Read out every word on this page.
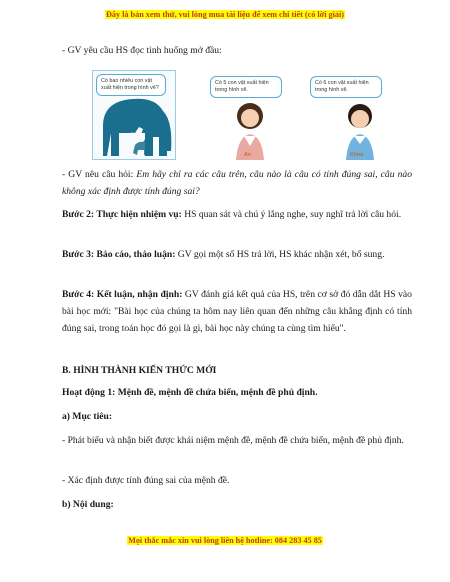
Đây là bản xem thử, vui lòng mua tài liệu để xem chi tiết (có lời giải)
- GV yêu cầu HS đọc tình huống mở đầu:
Có bao nhiêu con vật xuất hiện trong hình vẽ?
Có 5 con vật xuất hiện trong hình vẽ.
An
Có 6 con vật xuất hiện trong hình vẽ.
Khoa
- GV nêu câu hỏi: Em hãy chỉ ra các câu trên, câu nào là câu có tính đúng sai, câu nào không xác định được tính đúng sai?
Bước 2: Thực hiện nhiệm vụ: HS quan sát và chú ý lắng nghe, suy nghĩ trả lời câu hỏi.
Bước 3: Báo cáo, thảo luận: GV gọi một số HS trả lời, HS khác nhận xét, bổ sung.
Bước 4: Kết luận, nhận định: GV đánh giá kết quả của HS, trên cơ sở đó dẫn dắt HS vào bài học mới: "Bài học của chúng ta hôm nay liên quan đến những câu khẳng định có tính đúng sai, trong toán học đó gọi là gì, bài học này chúng ta cùng tìm hiểu".
B. HÌNH THÀNH KIẾN THỨC MỚI
Hoạt động 1: Mệnh đề, mệnh đề chứa biến, mệnh đề phủ định.
a) Mục tiêu:
- Phát biểu và nhận biết được khái niệm mệnh đề, mệnh đề chứa biến, mệnh đề phủ định.
- Xác định được tính đúng sai của mệnh đề.
b) Nội dung:
Mọi thắc mắc xin vui lòng liên hệ hotline: 084 283 45 85
